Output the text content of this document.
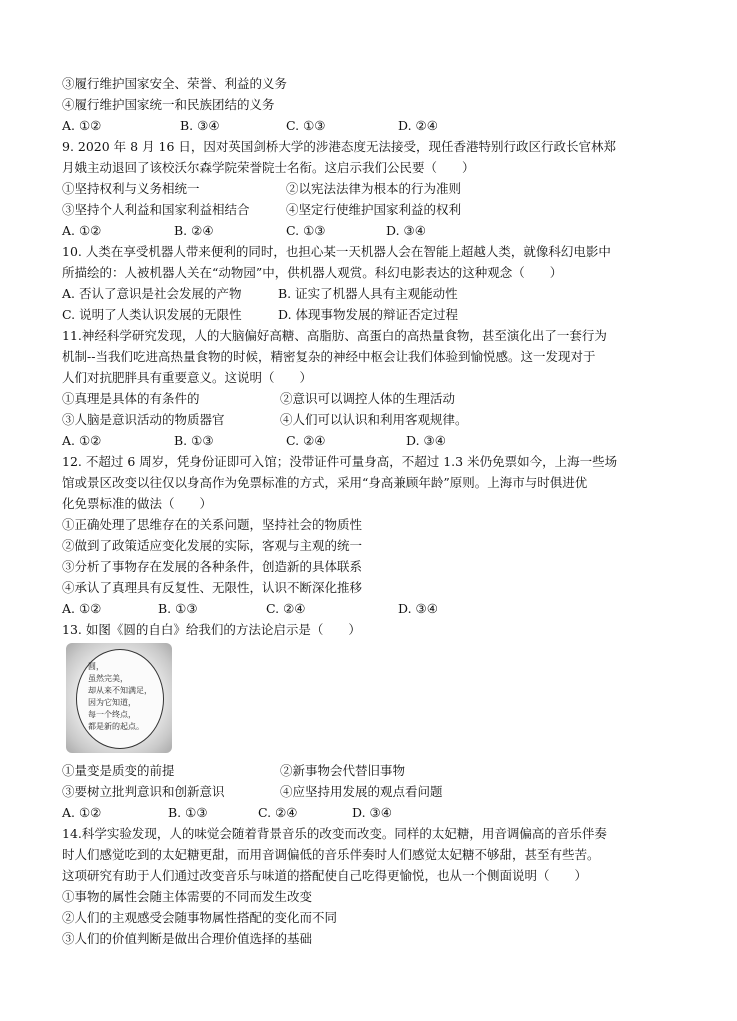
③履行维护国家安全、荣誉、利益的义务
④履行维护国家统一和民族团结的义务
A. ①②	B. ③④	C. ①③	D. ②④
9. 2020 年 8 月 16 日，因对英国剑桥大学的涉港态度无法接受，现任香港特别行政区行政长官林郑
月娥主动退回了该校沃尔森学院荣誉院士名衔。这启示我们公民要（　　）
①坚持权利与义务相统一	②以宪法法律为根本的行为准则
③坚持个人利益和国家利益相结合	④坚定行使维护国家利益的权利
A. ①②	B. ②④	C. ①③	D. ③④
10. 人类在享受机器人带来便利的同时，也担心某一天机器人会在智能上超越人类，就像科幻电影中
所描绘的：人被机器人关在“动物园”中，供机器人观赏。科幻电影表达的这种观念（　　）
A. 否认了意识是社会发展的产物	B. 证实了机器人具有主观能动性
C. 说明了人类认识发展的无限性	D. 体现事物发展的辩证否定过程
11.神经科学研究发现，人的大脑偏好高糖、高脂肪、高蛋白的高热量食物，甚至演化出了一套行为
机制--当我们吃进高热量食物的时候，精密复杂的神经中枢会让我们体验到愉悦感。这一发现对于
人们对抗肥胖具有重要意义。这说明（　　）
①真理是具体的有条件的	②意识可以调控人体的生理活动
③人脑是意识活动的物质器官	④人们可以认识和利用客观规律。
A. ①②	B. ①③	C. ②④	D. ③④
12. 不超过 6 周岁，凭身份证即可入馆；没带证件可量身高，不超过 1.3 米仍免票如今，上海一些场
馆或景区改变以往仅以身高作为免票标准的方式，采用“身高兼顾年龄”原则。上海市与时俱进优
化免票标准的做法（　　）
①正确处理了思维存在的关系问题，坚持社会的物质性
②做到了政策适应变化发展的实际，客观与主观的统一
③分析了事物存在发展的各种条件，创造新的具体联系
④承认了真理具有反复性、无限性，认识不断深化推移
A. ①②	B. ①③	C. ②④	D. ③④
13. 如图《圆的自白》给我们的方法论启示是（　　）
圆，
虽然完美，
却从来不知满足，
因为它知道，
每一个终点，
都是新的起点。
①量变是质变的前提	②新事物会代替旧事物
③要树立批判意识和创新意识	④应坚持用发展的观点看问题
A. ①②	B. ①③	C. ②④	D. ③④
14.科学实验发现，人的味觉会随着背景音乐的改变而改变。同样的太妃糖，用音调偏高的音乐伴奏
时人们感觉吃到的太妃糖更甜，而用音调偏低的音乐伴奏时人们感觉太妃糖不够甜，甚至有些苦。
这项研究有助于人们通过改变音乐与味道的搭配使自己吃得更愉悦，也从一个侧面说明（　　）
①事物的属性会随主体需要的不同而发生改变
②人们的主观感受会随事物属性搭配的变化而不同
③人们的价值判断是做出合理价值选择的基础
